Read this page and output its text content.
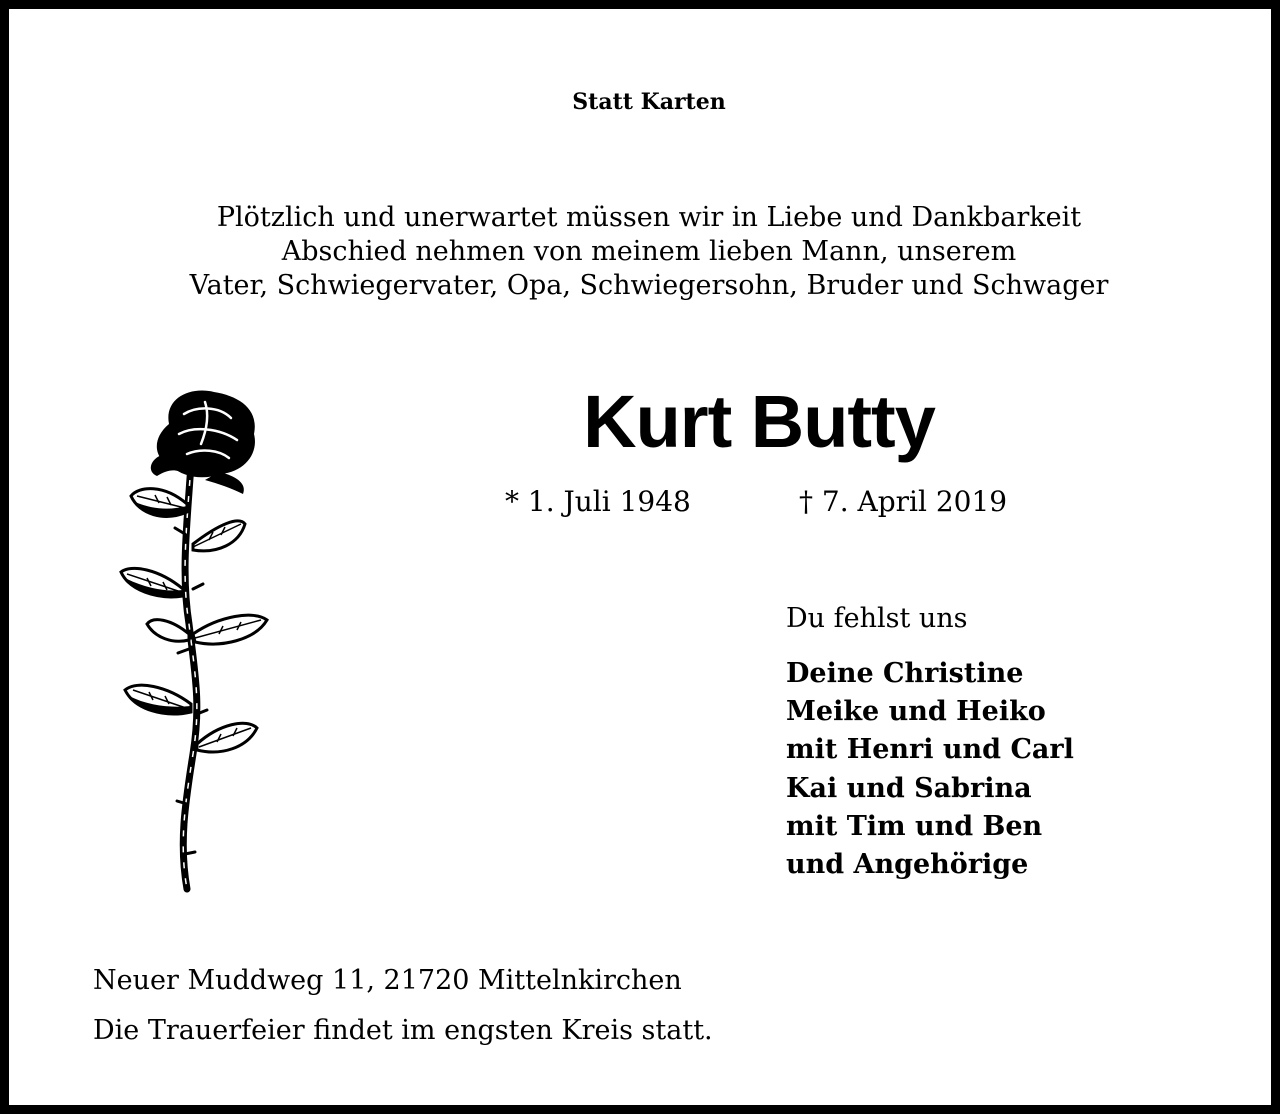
Statt Karten
Plötzlich und unerwartet müssen wir in Liebe und Dankbarkeit
Abschied nehmen von meinem lieben Mann, unserem
Vater, Schwiegervater, Opa, Schwiegersohn, Bruder und Schwager
Kurt Butty
* 1. Juli 1948	† 7. April 2019
Du fehlst uns
Deine Christine
Meike und Heiko
mit Henri und Carl
Kai und Sabrina
mit Tim und Ben
und Angehörige
Neuer Muddweg 11, 21720 Mittelnkirchen
Die Trauerfeier findet im engsten Kreis statt.
